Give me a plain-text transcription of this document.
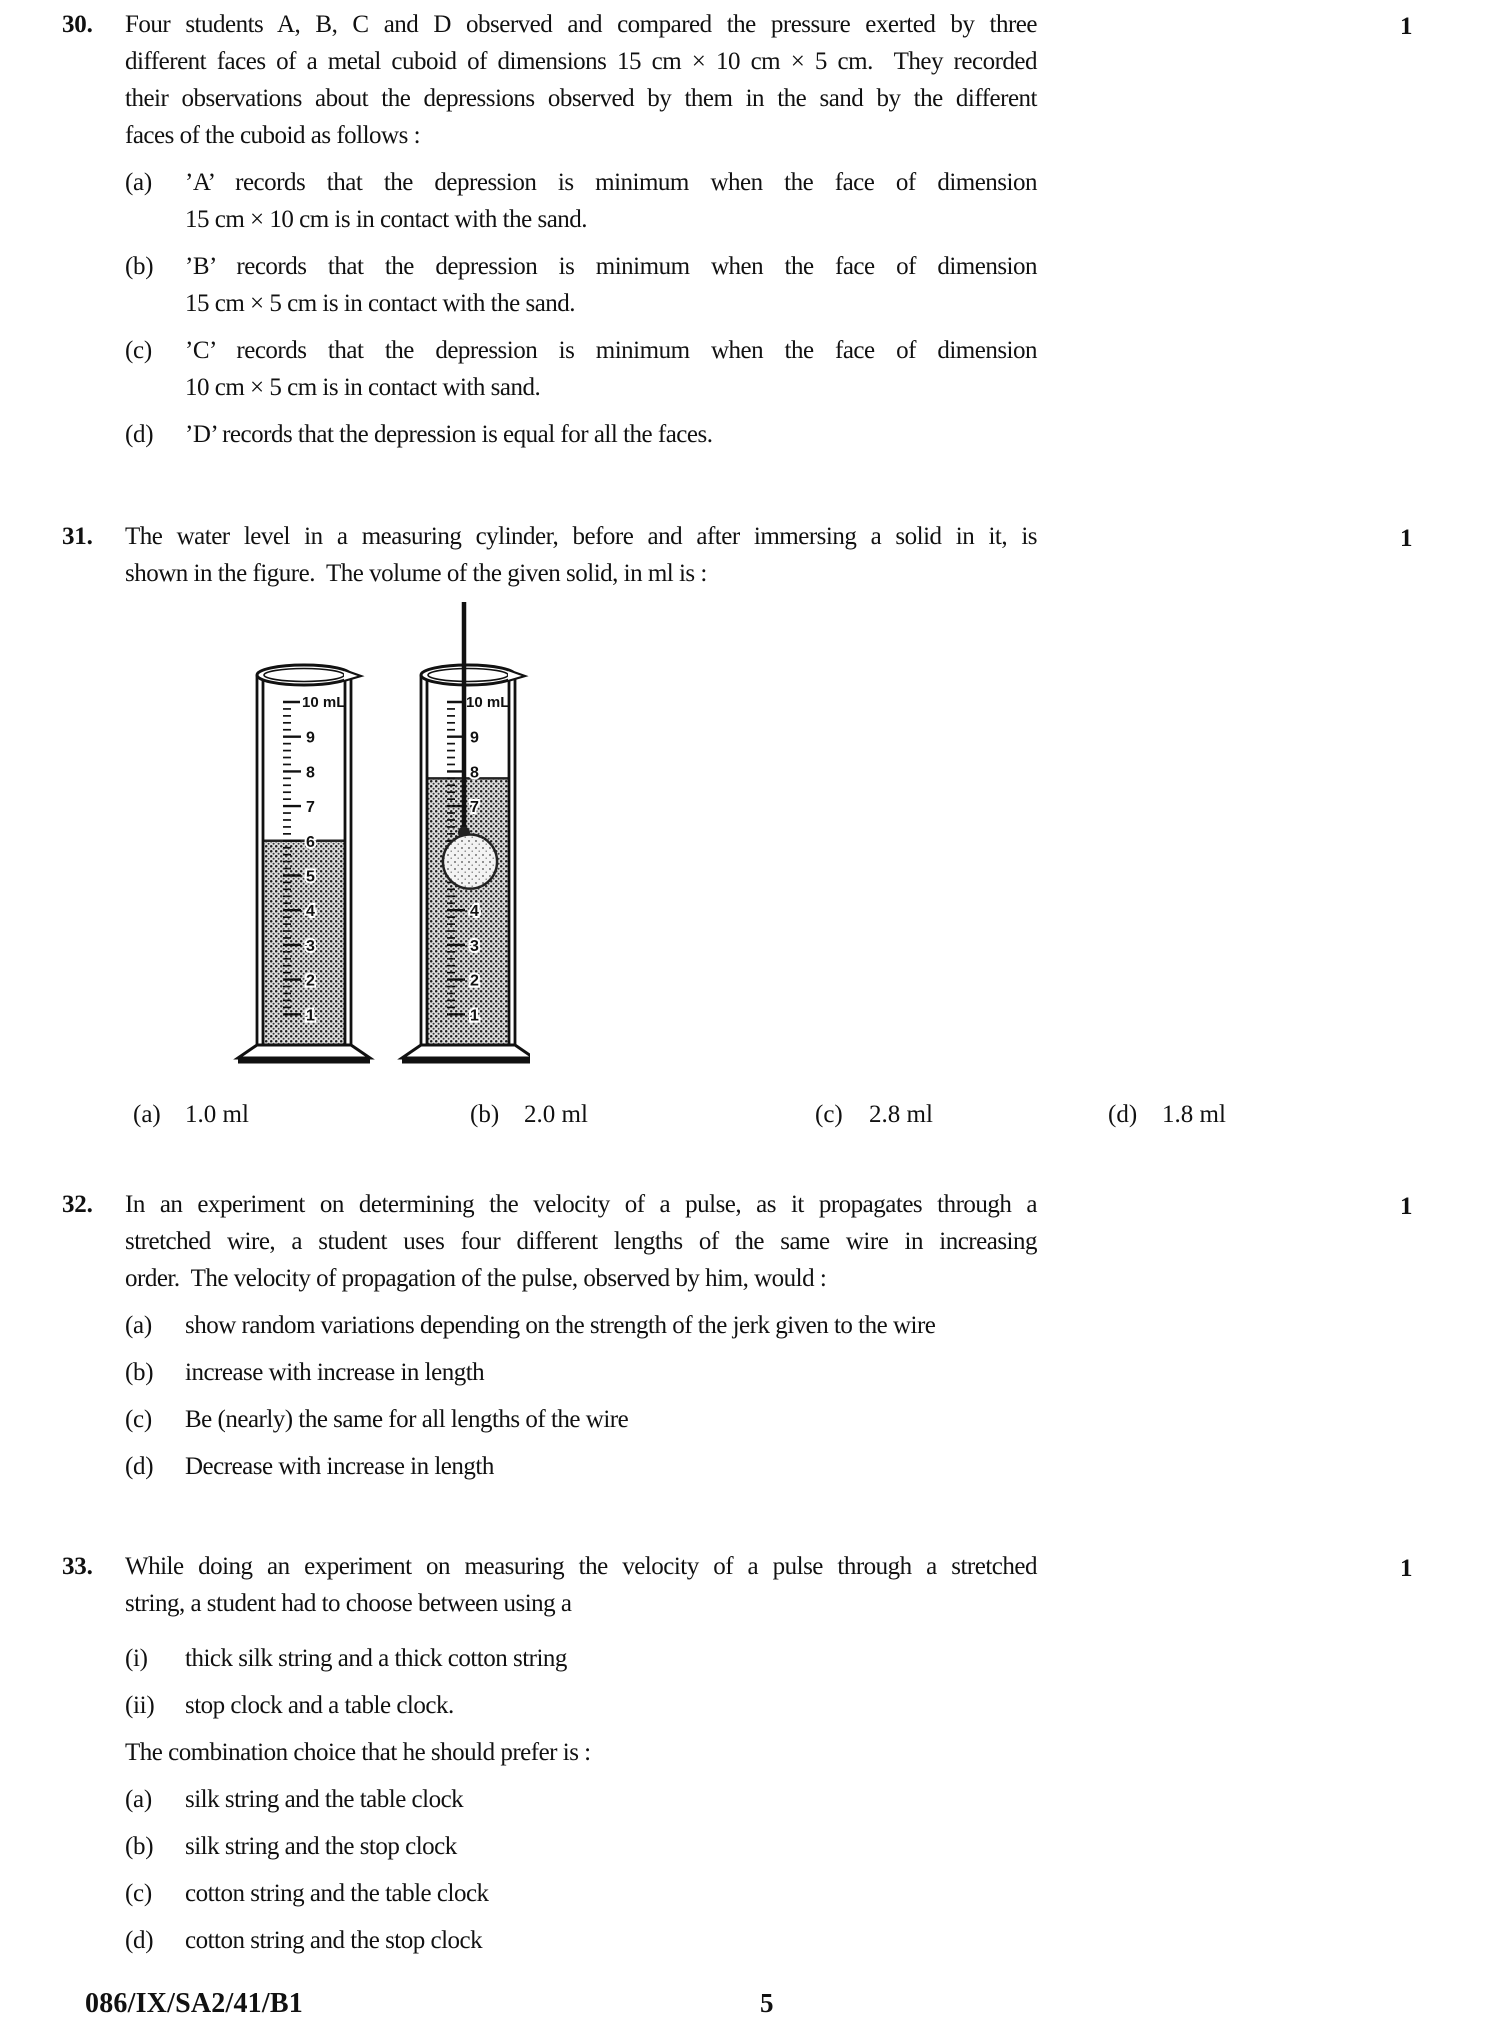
30.	1
Four students A, B, C and D observed and compared the pressure exerted by three
different faces of a metal cuboid of dimensions 15 cm × 10 cm × 5 cm.  They recorded
their observations about the depressions observed by them in the sand by the different
faces of the cuboid as follows :
(a) ’A’ records that the depression is minimum when the face of dimension
15 cm × 10 cm is in contact with the sand.
(b) ’B’ records that the depression is minimum when the face of dimension
15 cm × 5 cm is in contact with the sand.
(c) ’C’ records that the depression is minimum when the face of dimension
10 cm × 5 cm is in contact with sand.
(d) ’D’ records that the depression is equal for all the faces.
31.	1
The water level in a measuring cylinder, before and after immersing a solid in it, is
shown in the figure.  The volume of the given solid, in ml is :
9
8
7
6
5
4
3
2
1
10 mL
9
8
7
4
3
2
1
10 mL
(a) 1.0 ml	(b) 2.0 ml	(c) 2.8 ml	(d) 1.8 ml
32.	1
In an experiment on determining the velocity of a pulse, as it propagates through a
stretched wire, a student uses four different lengths of the same wire in increasing
order.  The velocity of propagation of the pulse, observed by him, would :
(a) show random variations depending on the strength of the jerk given to the wire
(b) increase with increase in length
(c) Be (nearly) the same for all lengths of the wire
(d) Decrease with increase in length
33.	1
While doing an experiment on measuring the velocity of a pulse through a stretched
string, a student had to choose between using a
(i) thick silk string and a thick cotton string
(ii) stop clock and a table clock.
The combination choice that he should prefer is :
(a) silk string and the table clock
(b) silk string and the stop clock
(c) cotton string and the table clock
(d) cotton string and the stop clock
086/IX/SA2/41/B1	5
